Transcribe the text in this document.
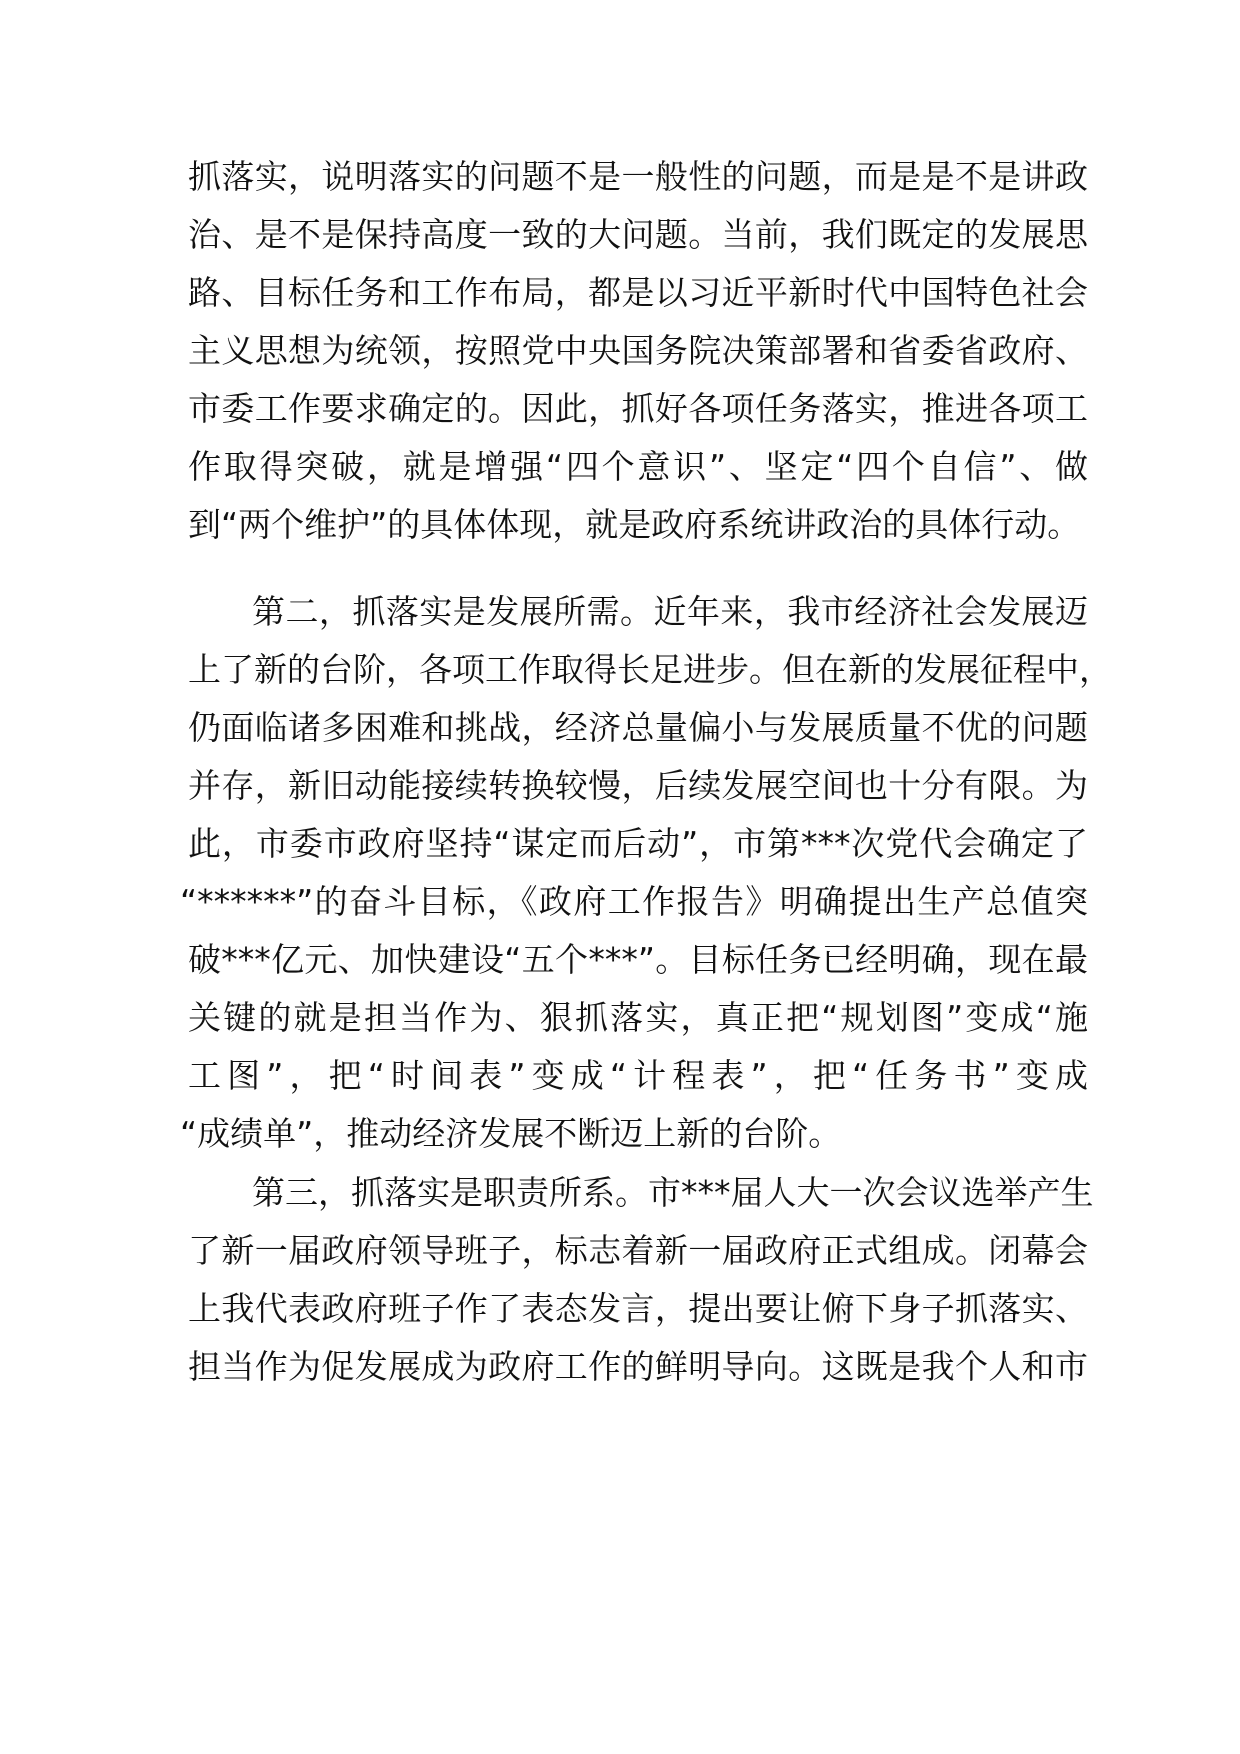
抓落实，说明落实的问题不是一般性的问题，而是是不是讲政
治、是不是保持高度一致的大问题。当前，我们既定的发展思
路、目标任务和工作布局，都是以习近平新时代中国特色社会
主义思想为统领，按照党中央国务院决策部署和省委省政府、
市委工作要求确定的。因此，抓好各项任务落实，推进各项工
作取得突破，就是增强“四个意识”、坚定“四个自信”、做
到“两个维护”的具体体现，就是政府系统讲政治的具体行动。
第二，抓落实是发展所需。近年来，我市经济社会发展迈
上了新的台阶，各项工作取得长足进步。但在新的发展征程中，
仍面临诸多困难和挑战，经济总量偏小与发展质量不优的问题
并存，新旧动能接续转换较慢，后续发展空间也十分有限。为
此，市委市政府坚持“谋定而后动”，市第***次党代会确定了
“******”的奋斗目标，《政府工作报告》明确提出生产总值突
破***亿元、加快建设“五个***”。目标任务已经明确，现在最
关键的就是担当作为、狠抓落实，真正把“规划图”变成“施
工图”，把“时间表”变成“计程表”，把“任务书”变成
“成绩单”，推动经济发展不断迈上新的台阶。
第三，抓落实是职责所系。市***届人大一次会议选举产生
了新一届政府领导班子，标志着新一届政府正式组成。闭幕会
上我代表政府班子作了表态发言，提出要让俯下身子抓落实、
担当作为促发展成为政府工作的鲜明导向。这既是我个人和市
